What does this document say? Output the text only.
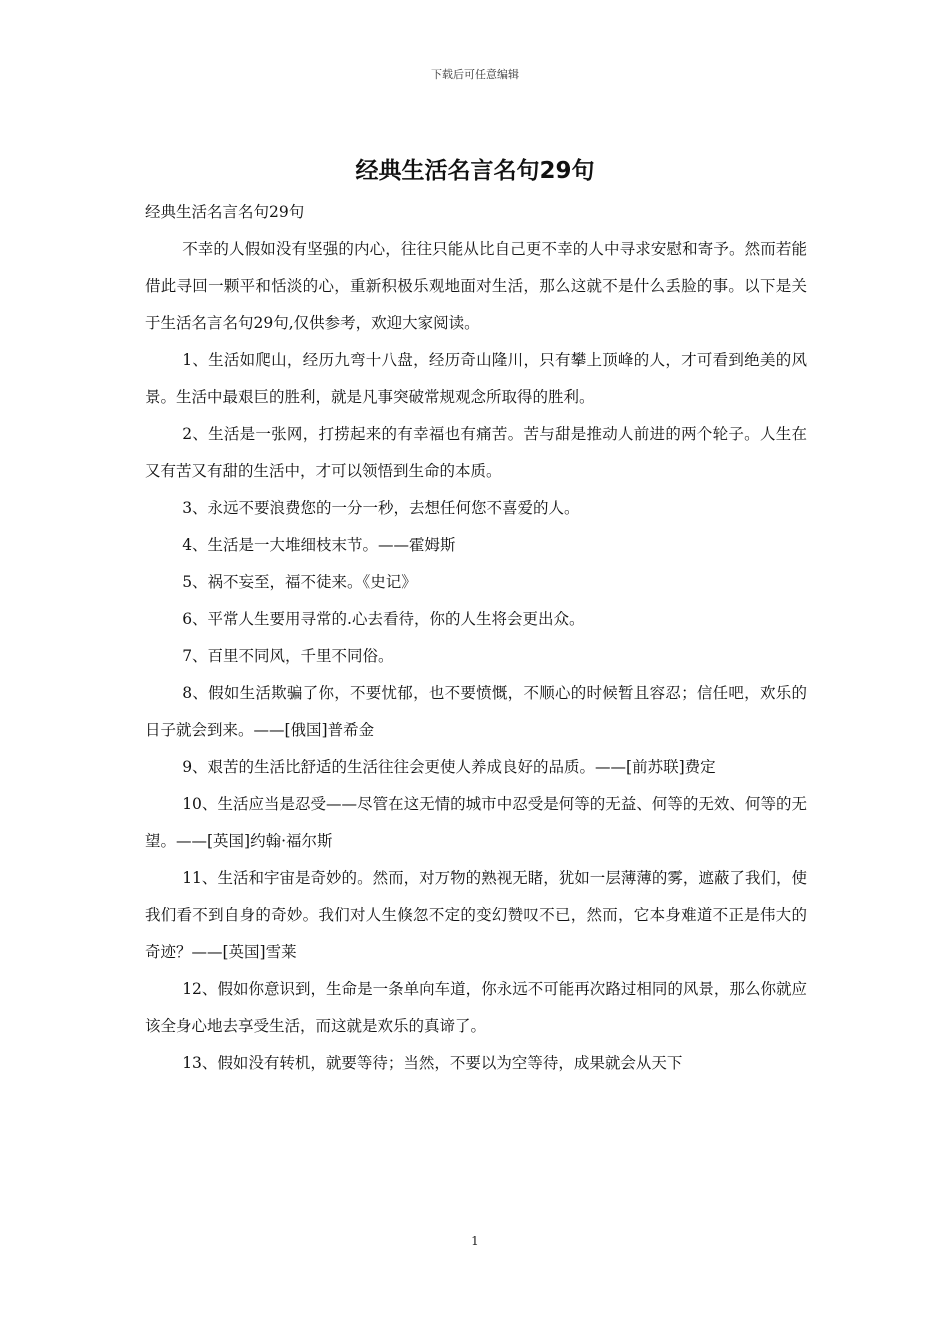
下载后可任意编辑
经典生活名言名句29句

经典生活名言名句29句

不幸的人假如没有坚强的内心，往往只能从比自己更不幸的人中寻求安慰和寄予。然而若能借此寻回一颗平和恬淡的心，重新积极乐观地面对生活，那么这就不是什么丢脸的事。以下是关于生活名言名句29句,仅供参考，欢迎大家阅读。

1、生活如爬山，经历九弯十八盘，经历奇山隆川，只有攀上顶峰的人，才可看到绝美的风景。生活中最艰巨的胜利，就是凡事突破常规观念所取得的胜利。

2、生活是一张网，打捞起来的有幸福也有痛苦。苦与甜是推动人前进的两个轮子。人生在又有苦又有甜的生活中，才可以领悟到生命的本质。

3、永远不要浪费您的一分一秒，去想任何您不喜爱的人。

4、生活是一大堆细枝末节。——霍姆斯

5、祸不妄至，福不徒来。《史记》

6、平常人生要用寻常的.心去看待，你的人生将会更出众。

7、百里不同风，千里不同俗。

8、假如生活欺骗了你，不要忧郁，也不要愤慨，不顺心的时候暂且容忍；信任吧，欢乐的日子就会到来。——[俄国]普希金

9、艰苦的生活比舒适的生活往往会更使人养成良好的品质。——[前苏联]费定

10、生活应当是忍受——尽管在这无情的城市中忍受是何等的无益、何等的无效、何等的无望。——[英国]约翰·福尔斯

11、生活和宇宙是奇妙的。然而，对万物的熟视无睹，犹如一层薄薄的雾，遮蔽了我们，使我们看不到自身的奇妙。我们对人生倏忽不定的变幻赞叹不已，然而，它本身难道不正是伟大的奇迹？——[英国]雪莱

12、假如你意识到，生命是一条单向车道，你永远不可能再次路过相同的风景，那么你就应该全身心地去享受生活，而这就是欢乐的真谛了。

13、假如没有转机，就要等待；当然，不要以为空等待，成果就会从天下

1
